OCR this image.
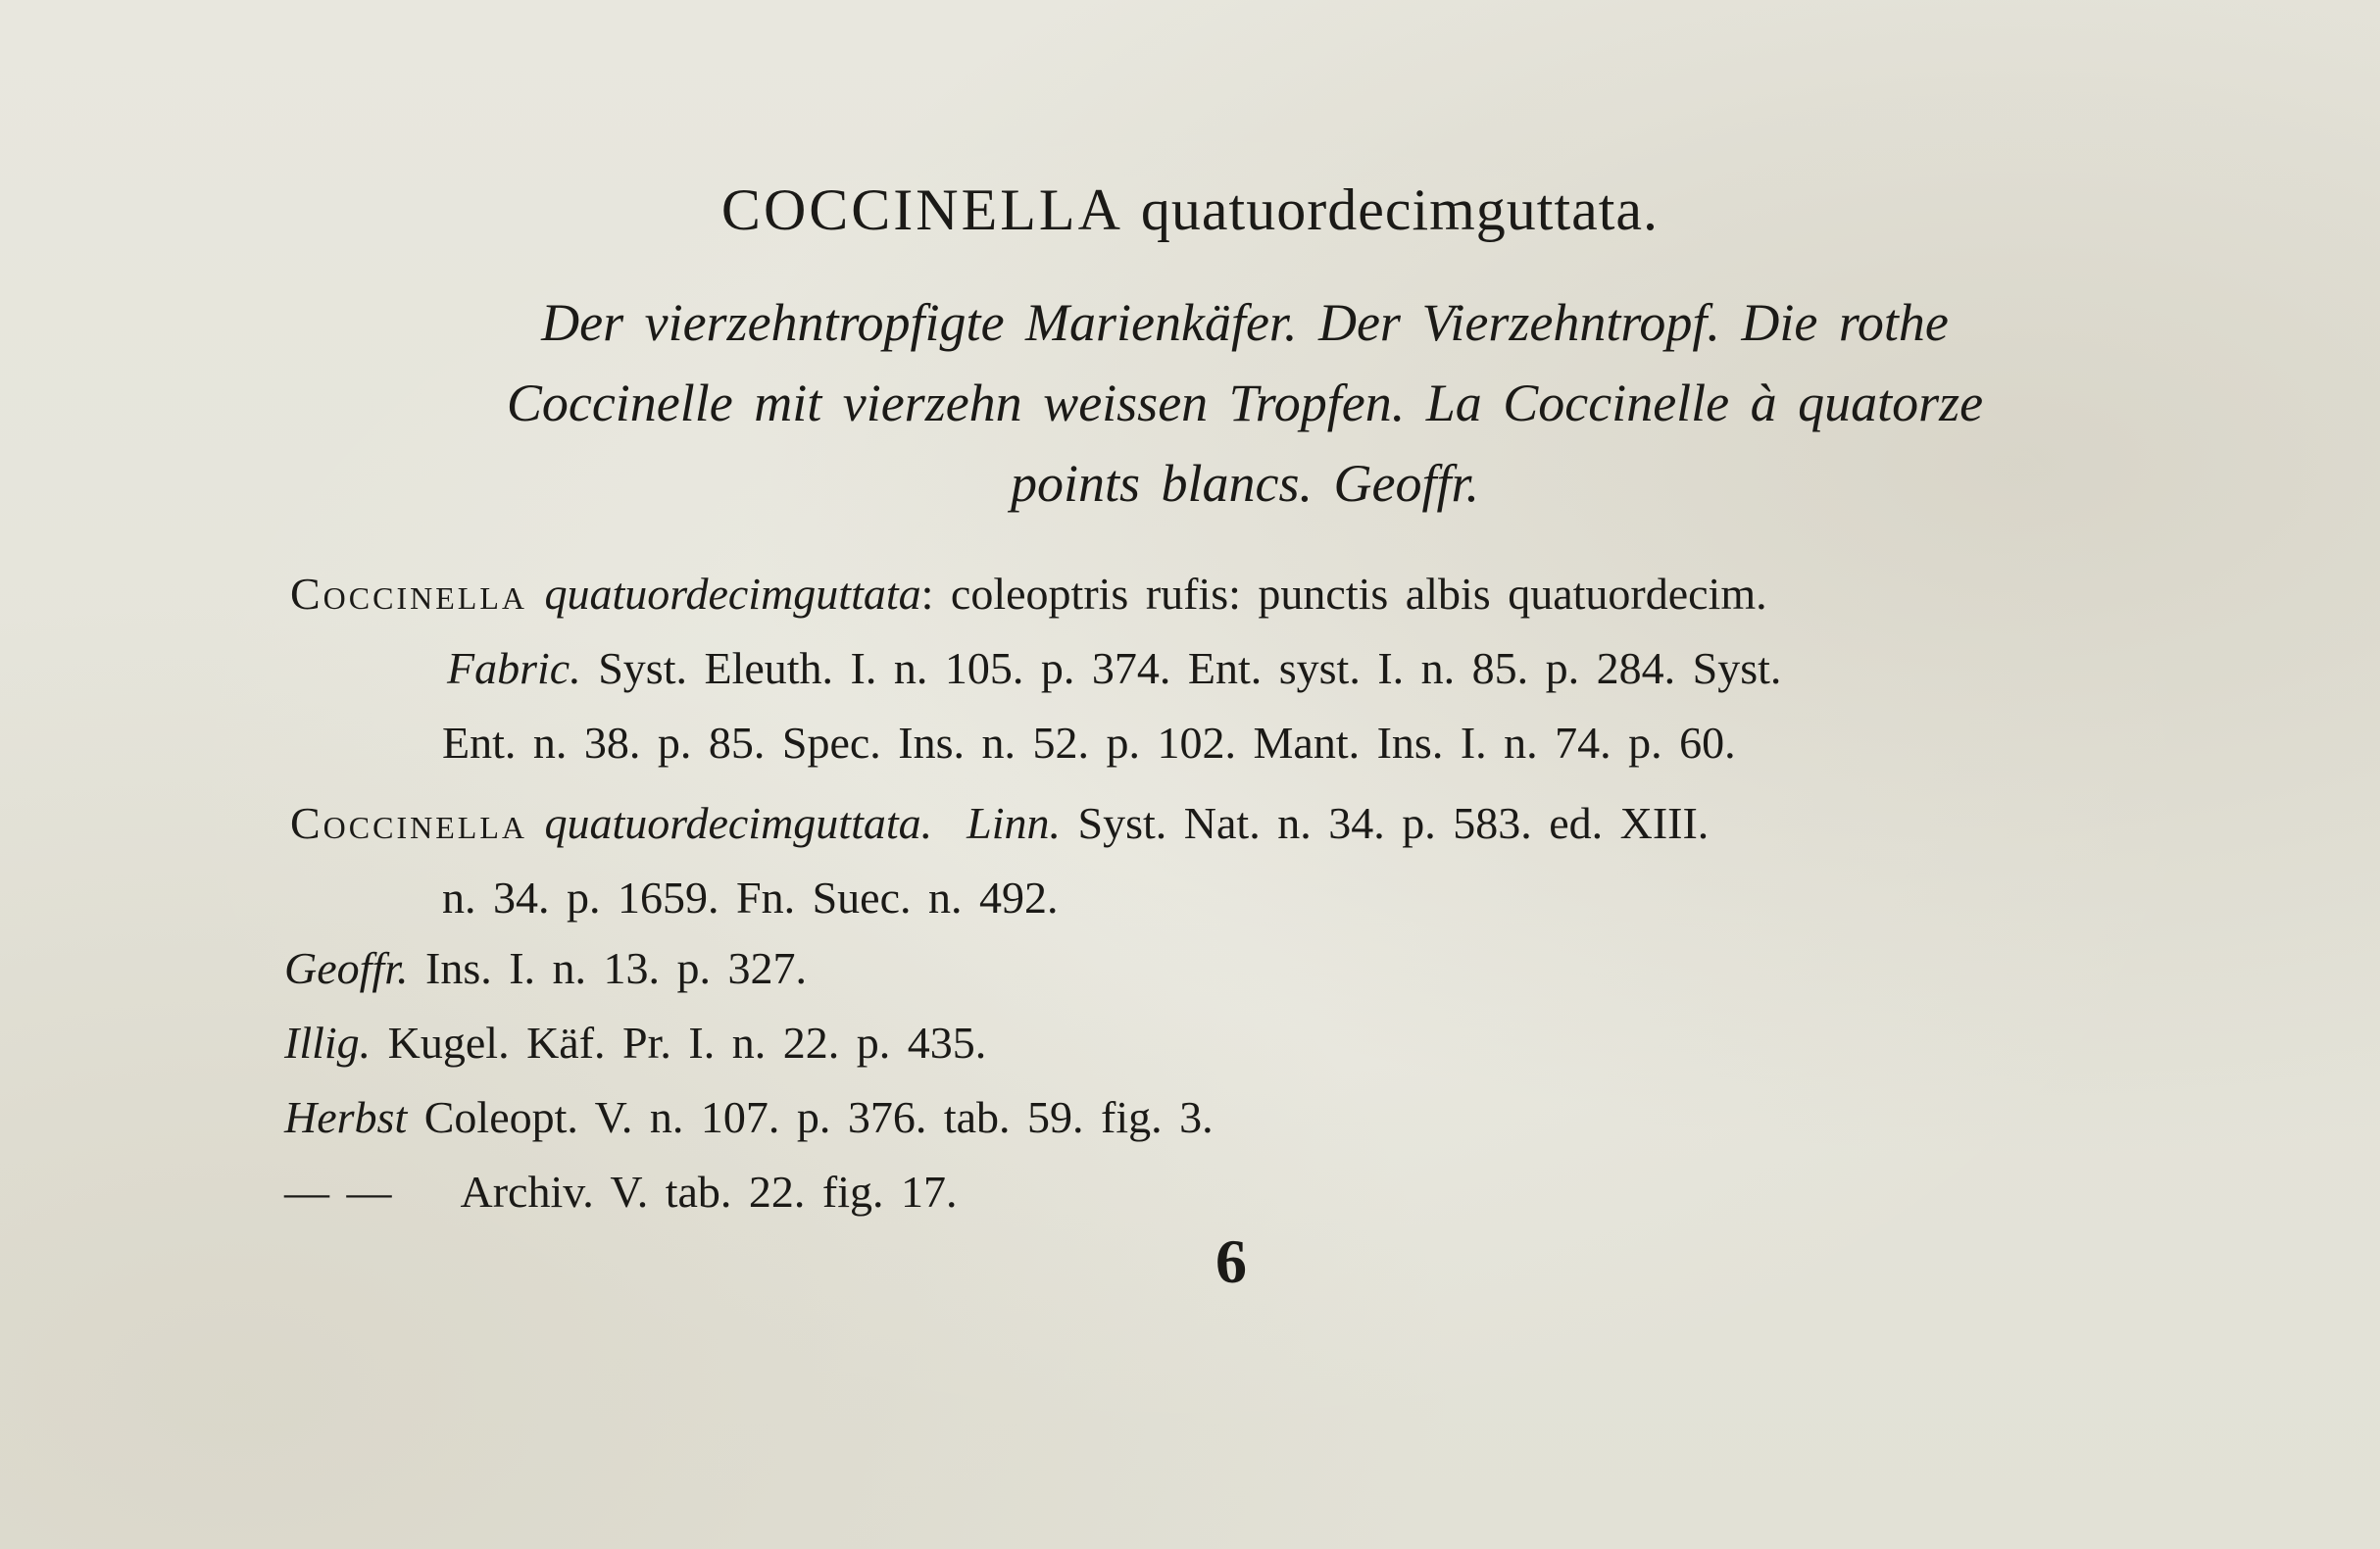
COCCINELLA quatuordecimguttata.
Der vierzehntropfigte Marienkäfer. Der Vierzehntropf. Die rothe
Coccinelle mit vierzehn weissen Tropfen. La Coccinelle à quatorze
points blancs. Geoffr.
Coccinella quatuordecimguttata: coleoptris rufis: punctis albis quatuordecim.
Fabric. Syst. Eleuth. I. n. 105. p. 374. Ent. syst. I. n. 85. p. 284. Syst.
Ent. n. 38. p. 85. Spec. Ins. n. 52. p. 102. Mant. Ins. I. n. 74. p. 60.
Coccinella quatuordecimguttata. Linn. Syst. Nat. n. 34. p. 583. ed. XIII.
n. 34. p. 1659. Fn. Suec. n. 492.
Geoffr. Ins. I. n. 13. p. 327.
Illig. Kugel. Käf. Pr. I. n. 22. p. 435.
Herbst Coleopt. V. n. 107. p. 376. tab. 59. fig. 3.
— — Archiv. V. tab. 22. fig. 17.
6
